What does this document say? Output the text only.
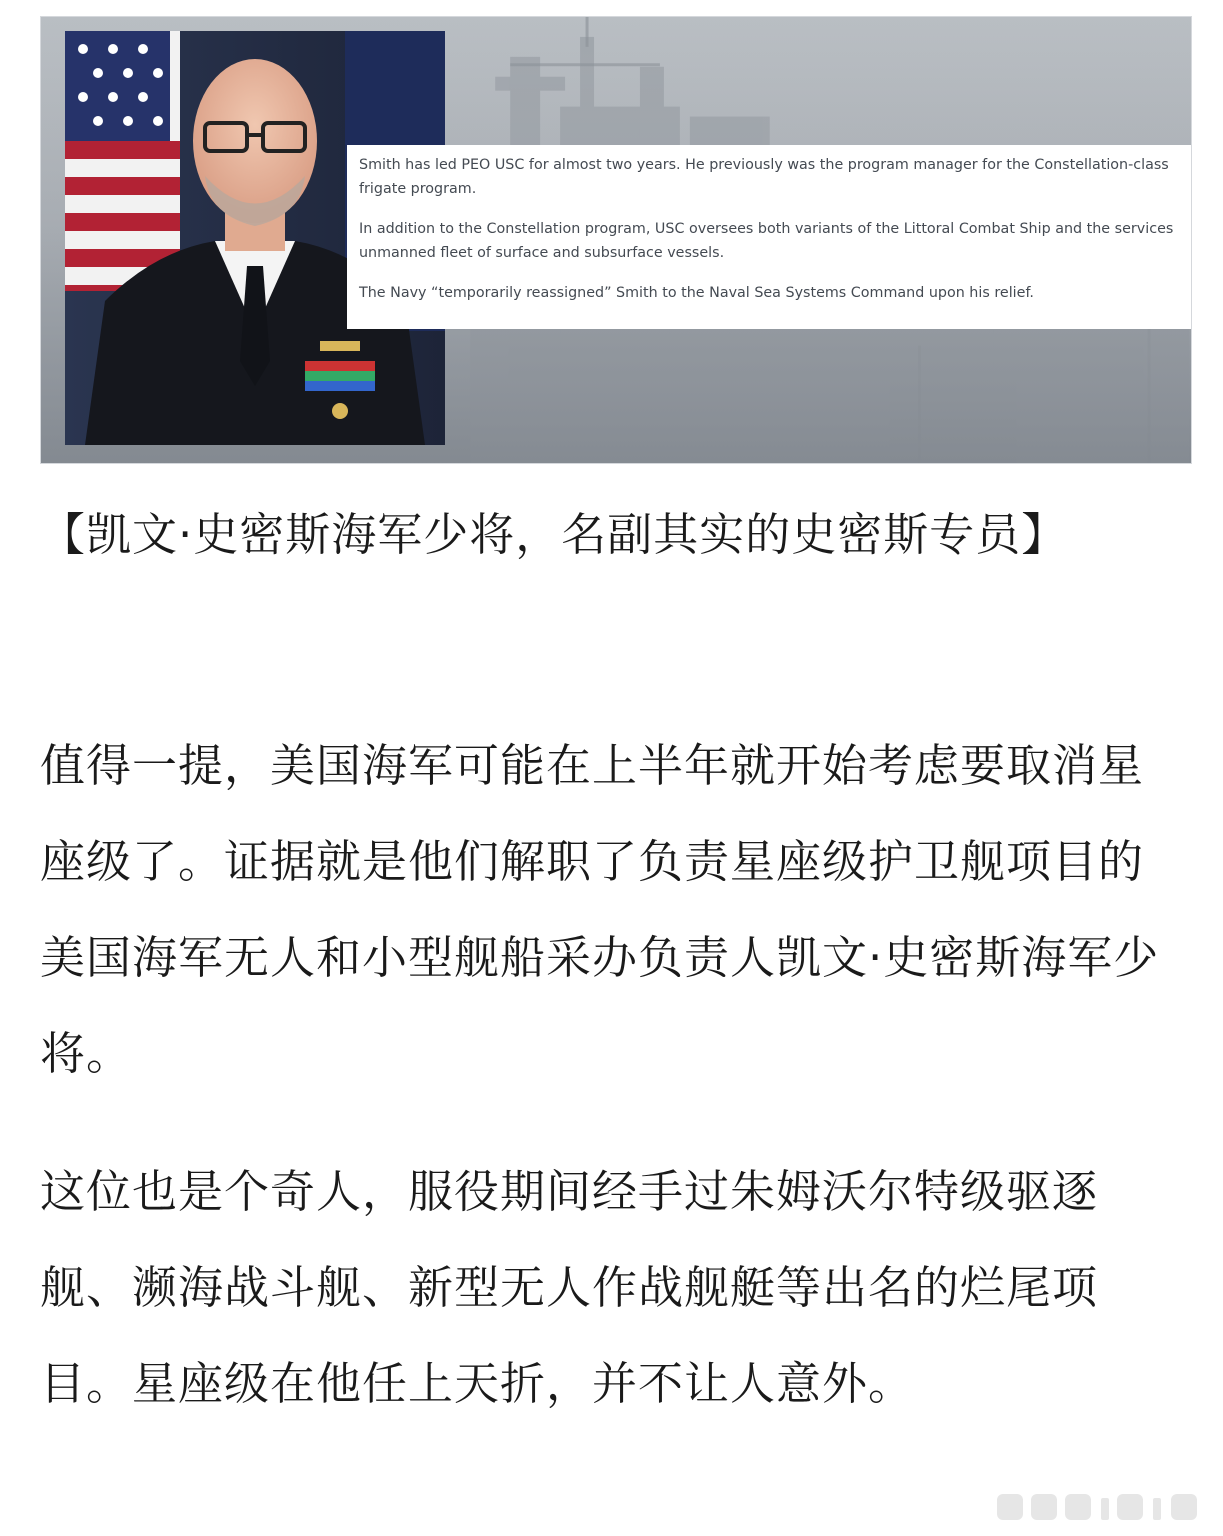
Smith has led PEO USC for almost two years. He previously was the program manager for the Constellation-class frigate program.

In addition to the Constellation program, USC oversees both variants of the Littoral Combat Ship and the services unmanned fleet of surface and subsurface vessels.

The Navy “temporarily reassigned” Smith to the Naval Sea Systems Command upon his relief.

【凯文·史密斯海军少将，名副其实的史密斯专员】

值得一提，美国海军可能在上半年就开始考虑要取消星座级了。证据就是他们解职了负责星座级护卫舰项目的美国海军无人和小型舰船采办负责人凯文·史密斯海军少将。

这位也是个奇人，服役期间经手过朱姆沃尔特级驱逐舰、濒海战斗舰、新型无人作战舰艇等出名的烂尾项目。星座级在他任上天折，并不让人意外。
